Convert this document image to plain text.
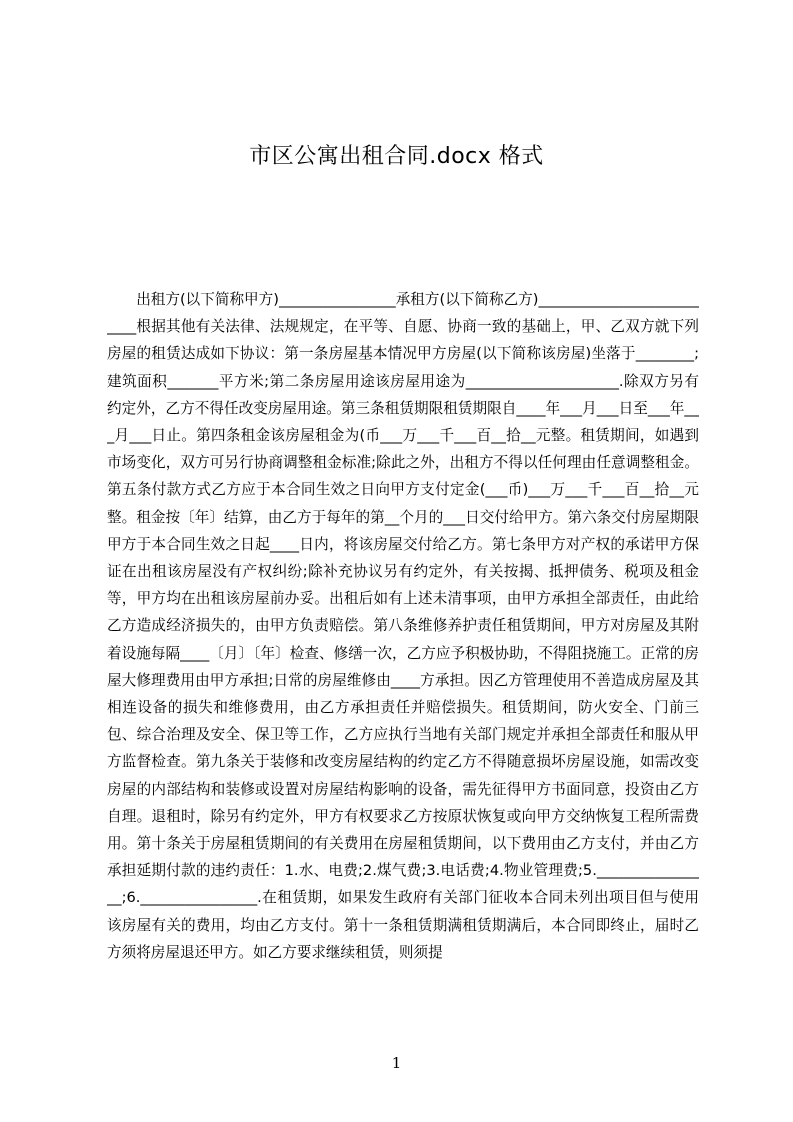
市区公寓出租合同.docx 格式

出租方(以下简称甲方)________________承租方(以下简称乙方)__________________________根据其他有关法律、法规规定，在平等、自愿、协商一致的基础上，甲、乙双方就下列房屋的租赁达成如下协议：第一条房屋基本情况甲方房屋(以下简称该房屋)坐落于________;建筑面积_______平方米;第二条房屋用途该房屋用途为_____________________.除双方另有约定外，乙方不得任改变房屋用途。第三条租赁期限租赁期限自____年___月___日至___年___月___日止。第四条租金该房屋租金为(币___万___千___百__拾__元整。租赁期间，如遇到市场变化，双方可另行协商调整租金标准;除此之外，出租方不得以任何理由任意调整租金。第五条付款方式乙方应于本合同生效之日向甲方支付定金(___币)___万___千___百__拾__元整。租金按〔年〕结算，由乙方于每年的第__个月的___日交付给甲方。第六条交付房屋期限甲方于本合同生效之日起____日内，将该房屋交付给乙方。第七条甲方对产权的承诺甲方保证在出租该房屋没有产权纠纷;除补充协议另有约定外，有关按揭、抵押债务、税项及租金等，甲方均在出租该房屋前办妥。出租后如有上述未清事项，由甲方承担全部责任，由此给乙方造成经济损失的，由甲方负责赔偿。第八条维修养护责任租赁期间，甲方对房屋及其附着设施每隔____〔月〕〔年〕检查、修缮一次，乙方应予积极协助，不得阻挠施工。正常的房屋大修理费用由甲方承担;日常的房屋维修由____方承担。因乙方管理使用不善造成房屋及其相连设备的损失和维修费用，由乙方承担责任并赔偿损失。租赁期间，防火安全、门前三包、综合治理及安全、保卫等工作，乙方应执行当地有关部门规定并承担全部责任和服从甲方监督检查。第九条关于装修和改变房屋结构的约定乙方不得随意损坏房屋设施，如需改变房屋的内部结构和装修或设置对房屋结构影响的设备，需先征得甲方书面同意，投资由乙方自理。退租时，除另有约定外，甲方有权要求乙方按原状恢复或向甲方交纳恢复工程所需费用。第十条关于房屋租赁期间的有关费用在房屋租赁期间，以下费用由乙方支付，并由乙方承担延期付款的违约责任：1.水、电费;2.煤气费;3.电话费;4.物业管理费;5.________________;6.________________.在租赁期，如果发生政府有关部门征收本合同未列出项目但与使用该房屋有关的费用，均由乙方支付。第十一条租赁期满租赁期满后，本合同即终止，届时乙方须将房屋退还甲方。如乙方要求继续租赁，则须提

1
